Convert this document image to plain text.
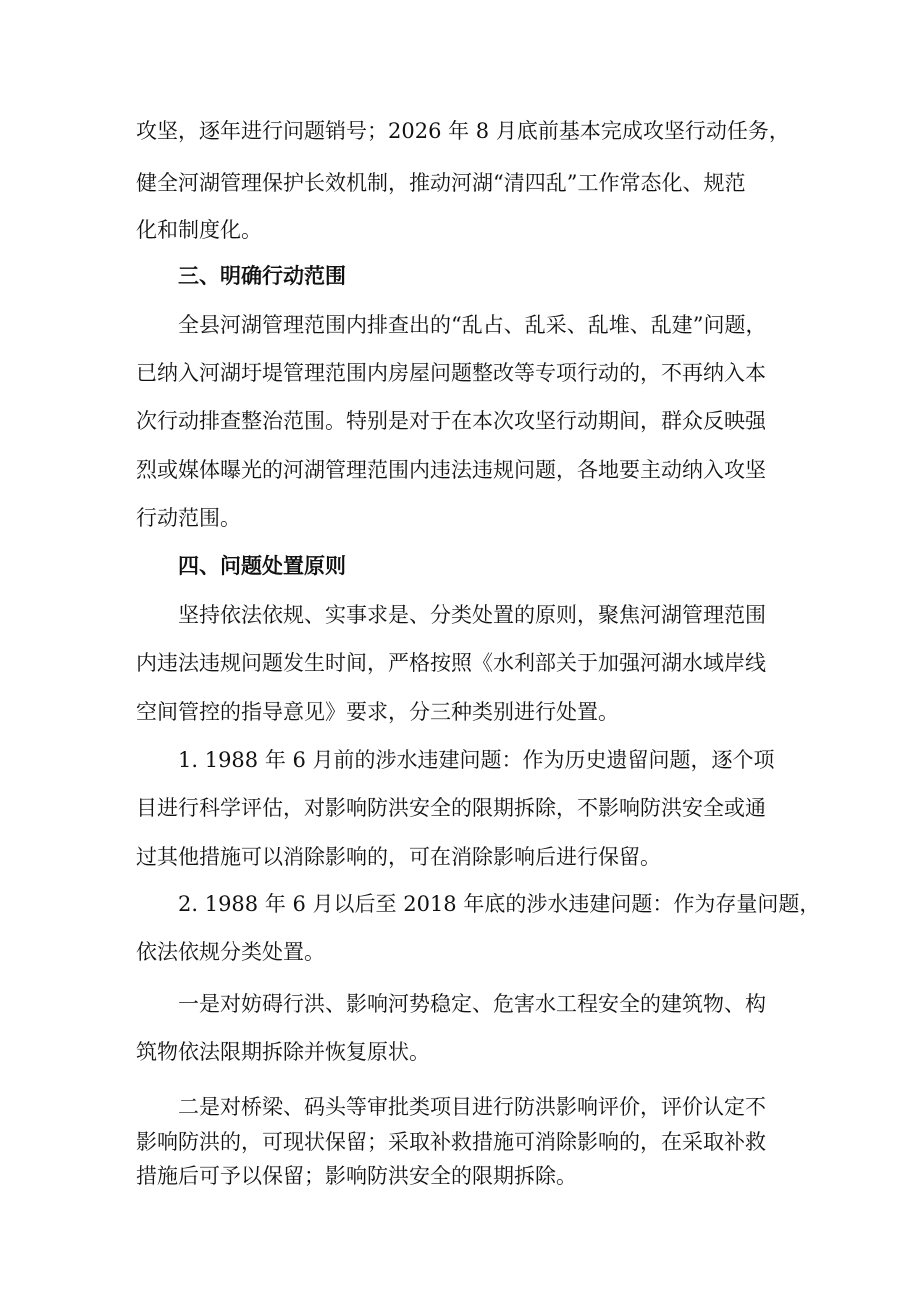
攻坚，逐年进行问题销号；2026 年 8 月底前基本完成攻坚行动任务，
健全河湖管理保护长效机制，推动河湖“清四乱”工作常态化、规范
化和制度化。
三、明确行动范围
全县河湖管理范围内排查出的“乱占、乱采、乱堆、乱建”问题，
已纳入河湖圩堤管理范围内房屋问题整改等专项行动的，不再纳入本
次行动排查整治范围。特别是对于在本次攻坚行动期间，群众反映强
烈或媒体曝光的河湖管理范围内违法违规问题，各地要主动纳入攻坚
行动范围。
四、问题处置原则
坚持依法依规、实事求是、分类处置的原则，聚焦河湖管理范围
内违法违规问题发生时间，严格按照《水利部关于加强河湖水域岸线
空间管控的指导意见》要求，分三种类别进行处置。
1. 1988 年 6 月前的涉水违建问题：作为历史遗留问题，逐个项
目进行科学评估，对影响防洪安全的限期拆除，不影响防洪安全或通
过其他措施可以消除影响的，可在消除影响后进行保留。
2. 1988 年 6 月以后至 2018 年底的涉水违建问题：作为存量问题，
依法依规分类处置。
一是对妨碍行洪、影响河势稳定、危害水工程安全的建筑物、构
筑物依法限期拆除并恢复原状。
二是对桥梁、码头等审批类项目进行防洪影响评价，评价认定不
影响防洪的，可现状保留；采取补救措施可消除影响的，在采取补救
措施后可予以保留；影响防洪安全的限期拆除。
